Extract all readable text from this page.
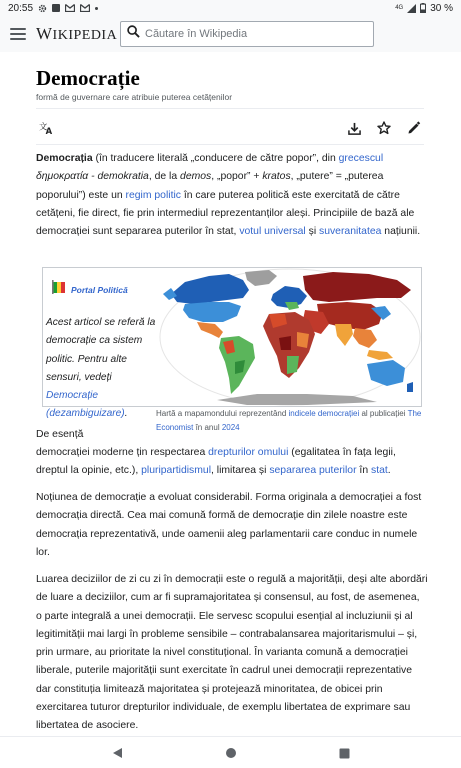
20:55	4G	30 %
WIKIPEDIA	Căutare în Wikipedia
Democrație
formă de guvernare care atribuie puterea cetățenilor
文
A

Democrația (în traducere literală „conducere de către popor”, din grecescul δημοκρατία - demokratia, de la demos, „popor” + kratos, „putere” = „puterea poporului”) este un regim politic în care puterea politică este exercitată de către cetățeni, fie direct, fie prin intermediul reprezentanților aleși. Principiile de bază ale democrației sunt separarea puterilor în stat, votul universal și suveranitatea națiunii.

Portal Politică
Acest articol se referă la democrație ca sistem politic. Pentru alte sensuri, vedeți Democrație (dezambiguizare).	Hartă a mapamondului reprezentând indicele democrației al publicației The Economist în anul 2024
De esență

democrației moderne țin respectarea drepturilor omului (egalitatea în fața legii, dreptul la opinie, etc.), pluripartidismul, limitarea și separarea puterilor în stat.

Noțiunea de democrație a evoluat considerabil. Forma originala a democrației a fost democrația directă. Cea mai comună formă de democrație din zilele noastre este democrația reprezentativă, unde oamenii aleg parlamentarii care conduc in numele lor.

Luarea deciziilor de zi cu zi în democrații este o regulă a majorității, deși alte abordări de luare a deciziilor, cum ar fi supramajoritatea și consensul, au fost, de asemenea, o parte integrală a unei democrații. Ele servesc scopului esențial al incluziunii și al legitimității mai largi în probleme sensibile – contrabalansarea majoritarismului – și, prin urmare, au prioritate la nivel constituțional. În varianta comună a democrației liberale, puterile majorității sunt exercitate în cadrul unei democrații reprezentative dar constituția limitează majoritatea și protejează minoritatea, de obicei prin exercitarea tuturor drepturilor individuale, de exemplu libertatea de exprimare sau libertatea de asociere.
